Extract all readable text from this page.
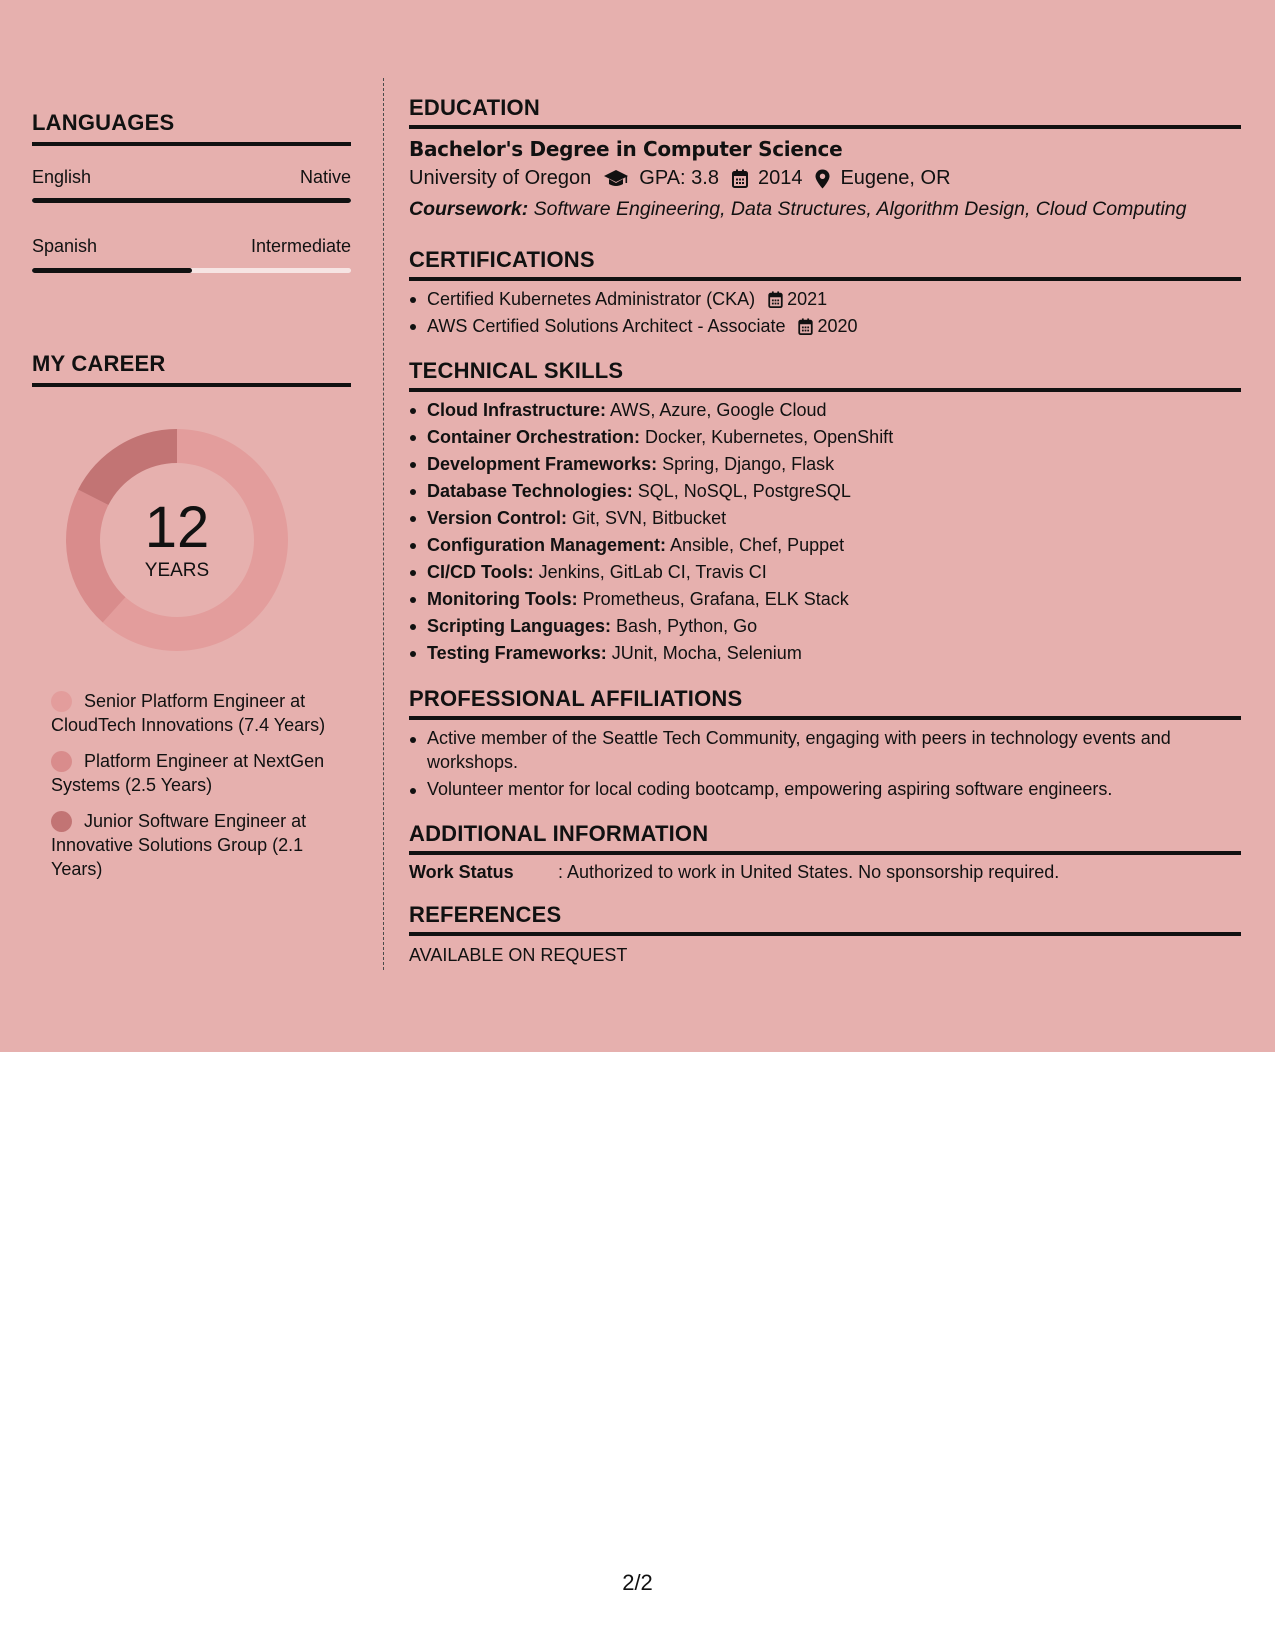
LANGUAGES
English	Native
Spanish	Intermediate
MY CAREER
12
YEARS
Senior Platform Engineer at CloudTech Innovations (7.4 Years)
Platform Engineer at NextGen Systems (2.5 Years)
Junior Software Engineer at Innovative Solutions Group (2.1 Years)
EDUCATION
Bachelor's Degree in Computer Science
University of Oregon GPA: 3.8 2014 Eugene, OR
Coursework: Software Engineering, Data Structures, Algorithm Design, Cloud Computing
CERTIFICATIONS
Certified Kubernetes Administrator (CKA) 2021
AWS Certified Solutions Architect - Associate 2020
TECHNICAL SKILLS
Cloud Infrastructure: AWS, Azure, Google Cloud
Container Orchestration: Docker, Kubernetes, OpenShift
Development Frameworks: Spring, Django, Flask
Database Technologies: SQL, NoSQL, PostgreSQL
Version Control: Git, SVN, Bitbucket
Configuration Management: Ansible, Chef, Puppet
CI/CD Tools: Jenkins, GitLab CI, Travis CI
Monitoring Tools: Prometheus, Grafana, ELK Stack
Scripting Languages: Bash, Python, Go
Testing Frameworks: JUnit, Mocha, Selenium
PROFESSIONAL AFFILIATIONS
Active member of the Seattle Tech Community, engaging with peers in technology events and workshops.
Volunteer mentor for local coding bootcamp, empowering aspiring software engineers.
ADDITIONAL INFORMATION
Work Status	: Authorized to work in United States. No sponsorship required.
REFERENCES
AVAILABLE ON REQUEST
2/2
